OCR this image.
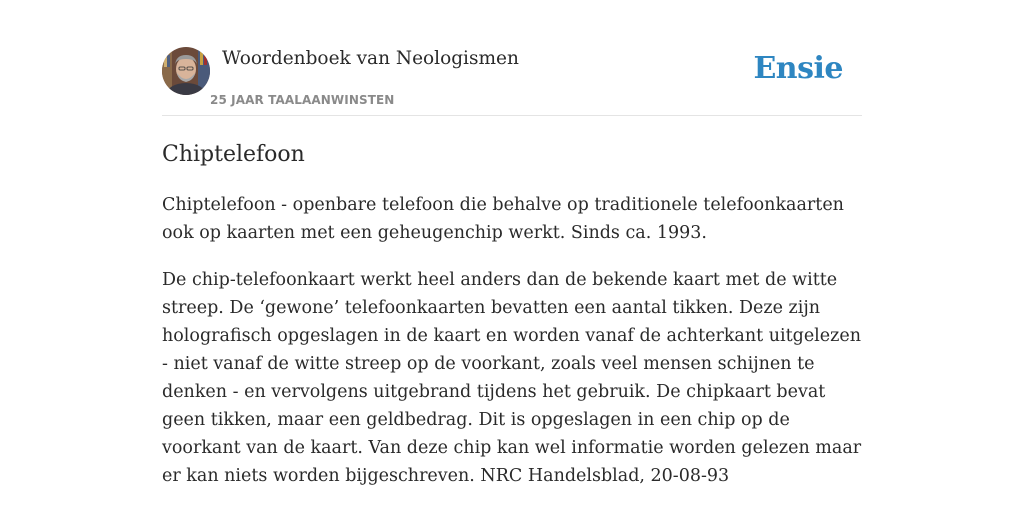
Woordenboek van Neologismen
25 JAAR TAALAANWINSTEN
Ensie
Chiptelefoon

Chiptelefoon - openbare telefoon die behalve op traditionele telefoonkaarten ook op kaarten met een geheugenchip werkt. Sinds ca. 1993.

De chip-telefoonkaart werkt heel anders dan de bekende kaart met de witte streep. De ‘gewone’ telefoonkaarten bevatten een aantal tikken. Deze zijn holografisch opgeslagen in de kaart en worden vanaf de achterkant uitgelezen - niet vanaf de witte streep op de voorkant, zoals veel mensen schijnen te denken - en vervolgens uitgebrand tijdens het gebruik. De chipkaart bevat geen tikken, maar een geldbedrag. Dit is opgeslagen in een chip op de voorkant van de kaart. Van deze chip kan wel informatie worden gelezen maar er kan niets worden bijgeschreven. NRC Handelsblad, 20-08-93
